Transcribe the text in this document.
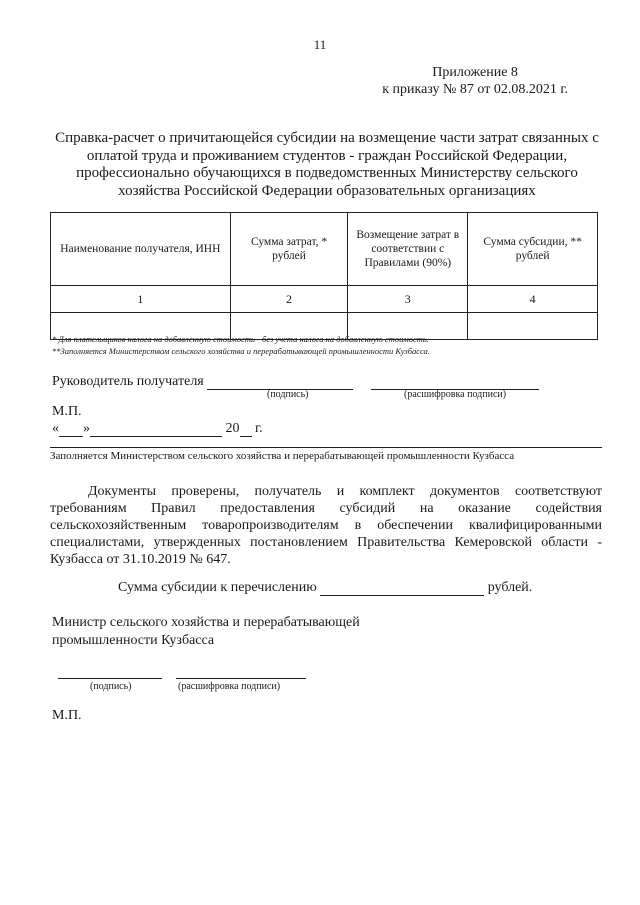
11
Приложение 8
к приказу № 87 от 02.08.2021 г.
Справка-расчет о причитающейся субсидии на возмещение части затрат связанных с оплатой труда и проживанием студентов - граждан Российской Федерации, профессионально обучающихся в подведомственных Министерству сельского хозяйства Российской Федерации образовательных организациях
Наименование получателя, ИНН	Сумма затрат, * рублей	Возмещение затрат в соответствии с Правилами (90%)	Сумма субсидии, ** рублей
1	2	3	4

* Для плательщиков налога на добавленную стоимость - без учета налога на добавленную стоимость.
**Заполняется Министерством сельского хозяйства и перерабатывающей промышленности Кузбасса.
Руководитель получателя
(подпись)	(расшифровка подписи)
М.П.
« »	20 г.
Заполняется Министерством сельского хозяйства и перерабатывающей промышленности Кузбасса
Документы проверены, получатель и комплект документов соответствуют требованиям Правил предоставления субсидий на оказание содействия сельскохозяйственным товаропроизводителям в обеспечении квалифицированными специалистами, утвержденных постановлением Правительства Кемеровской области - Кузбасса от 31.10.2019 № 647.
Сумма субсидии к перечислению	рублей.
Министр сельского хозяйства и перерабатывающей
промышленности Кузбасса
(подпись)	(расшифровка подписи)
М.П.
